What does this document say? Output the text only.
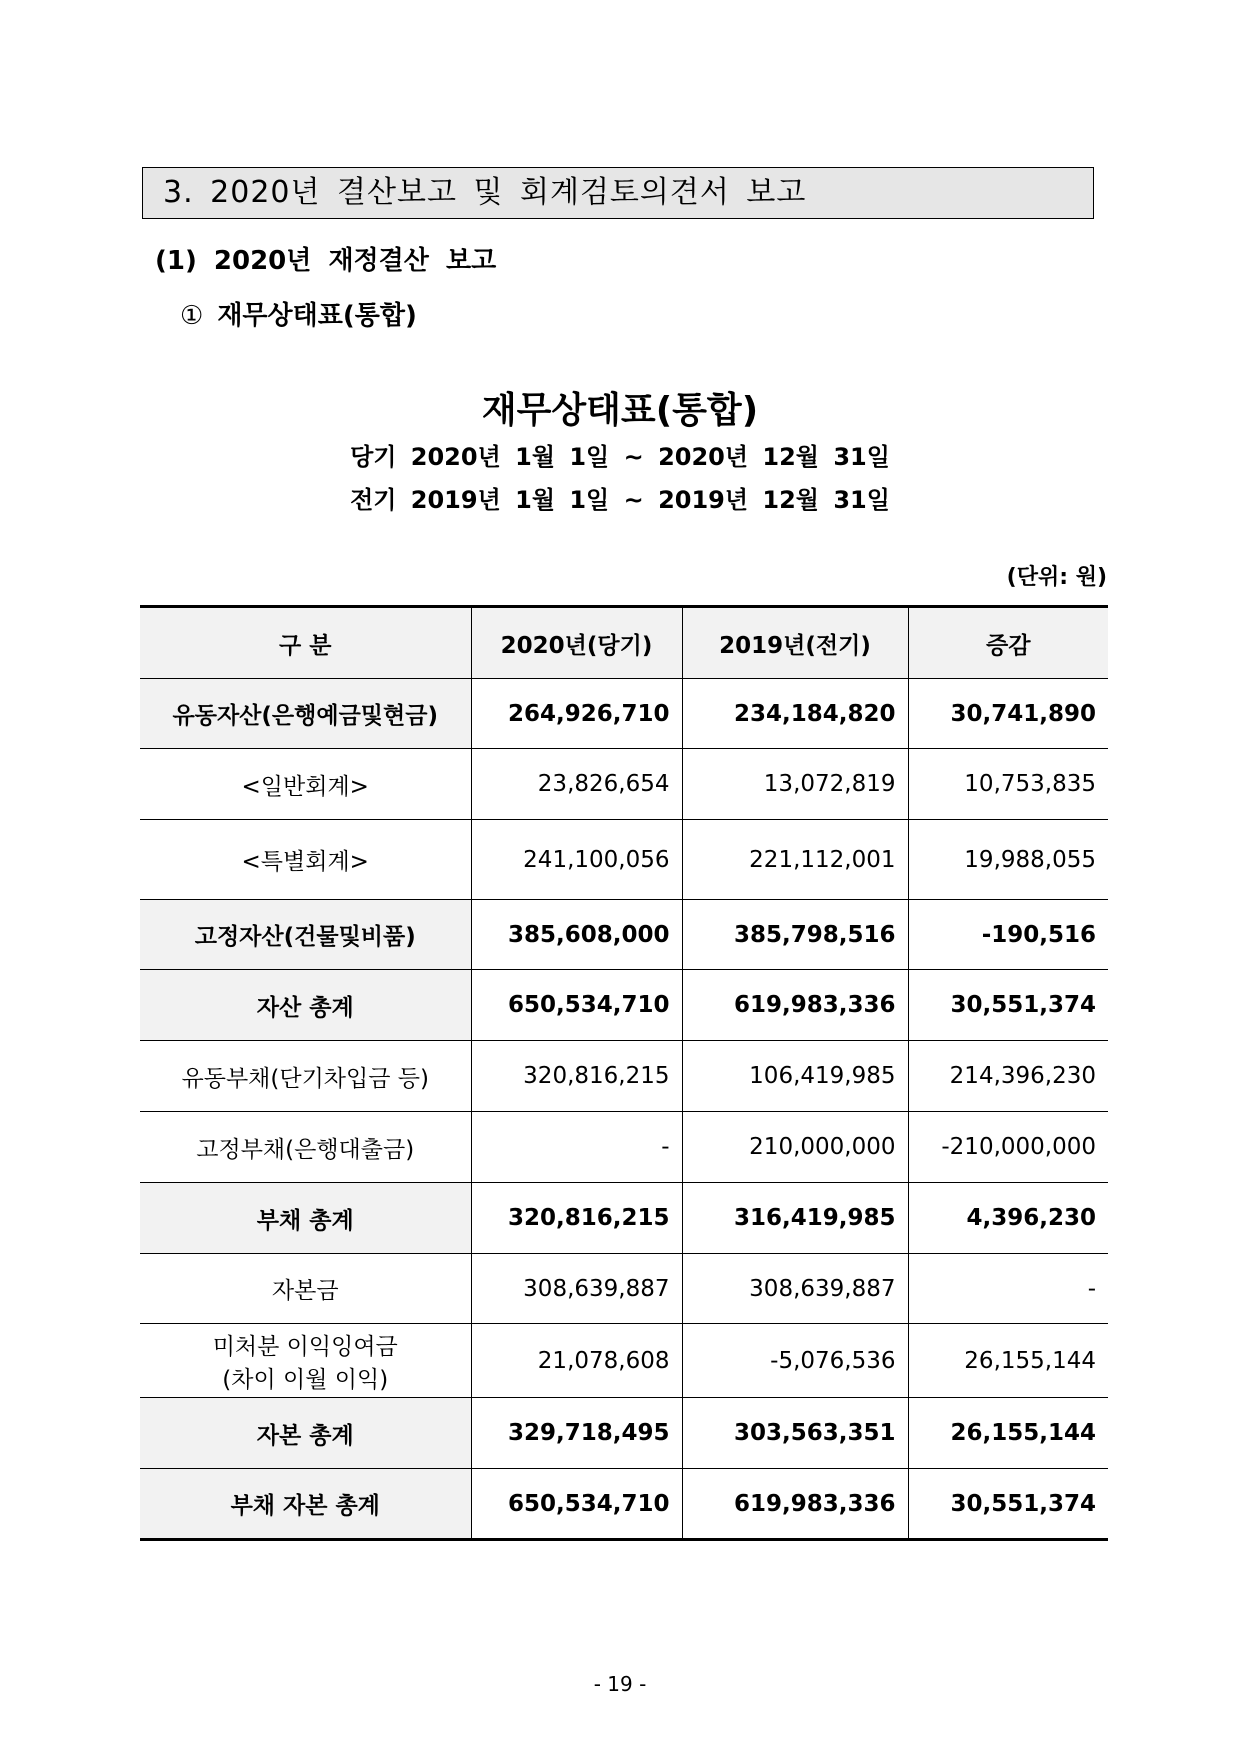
3. 2020년 결산보고 및 회계검토의견서 보고
(1) 2020년 재정결산 보고
① 재무상태표(통합)
재무상태표(통합)
당기 2020년 1월 1일 ~ 2020년 12월 31일
전기 2019년 1월 1일 ~ 2019년 12월 31일
(단위: 원)
구 분	2020년(당기)	2019년(전기)	증감
유동자산(은행예금및현금)	264,926,710	234,184,820	30,741,890
<일반회계>	23,826,654	13,072,819	10,753,835
<특별회계>	241,100,056	221,112,001	19,988,055
고정자산(건물및비품)	385,608,000	385,798,516	-190,516
자산 총계	650,534,710	619,983,336	30,551,374
유동부채(단기차입금 등)	320,816,215	106,419,985	214,396,230
고정부채(은행대출금)	-	210,000,000	-210,000,000
부채 총계	320,816,215	316,419,985	4,396,230
자본금	308,639,887	308,639,887	-

미처분 이익잉여금
(차이 이월 이익)	21,078,608	-5,076,536	26,155,144
자본 총계	329,718,495	303,563,351	26,155,144
부채 자본 총계	650,534,710	619,983,336	30,551,374
- 19 -
